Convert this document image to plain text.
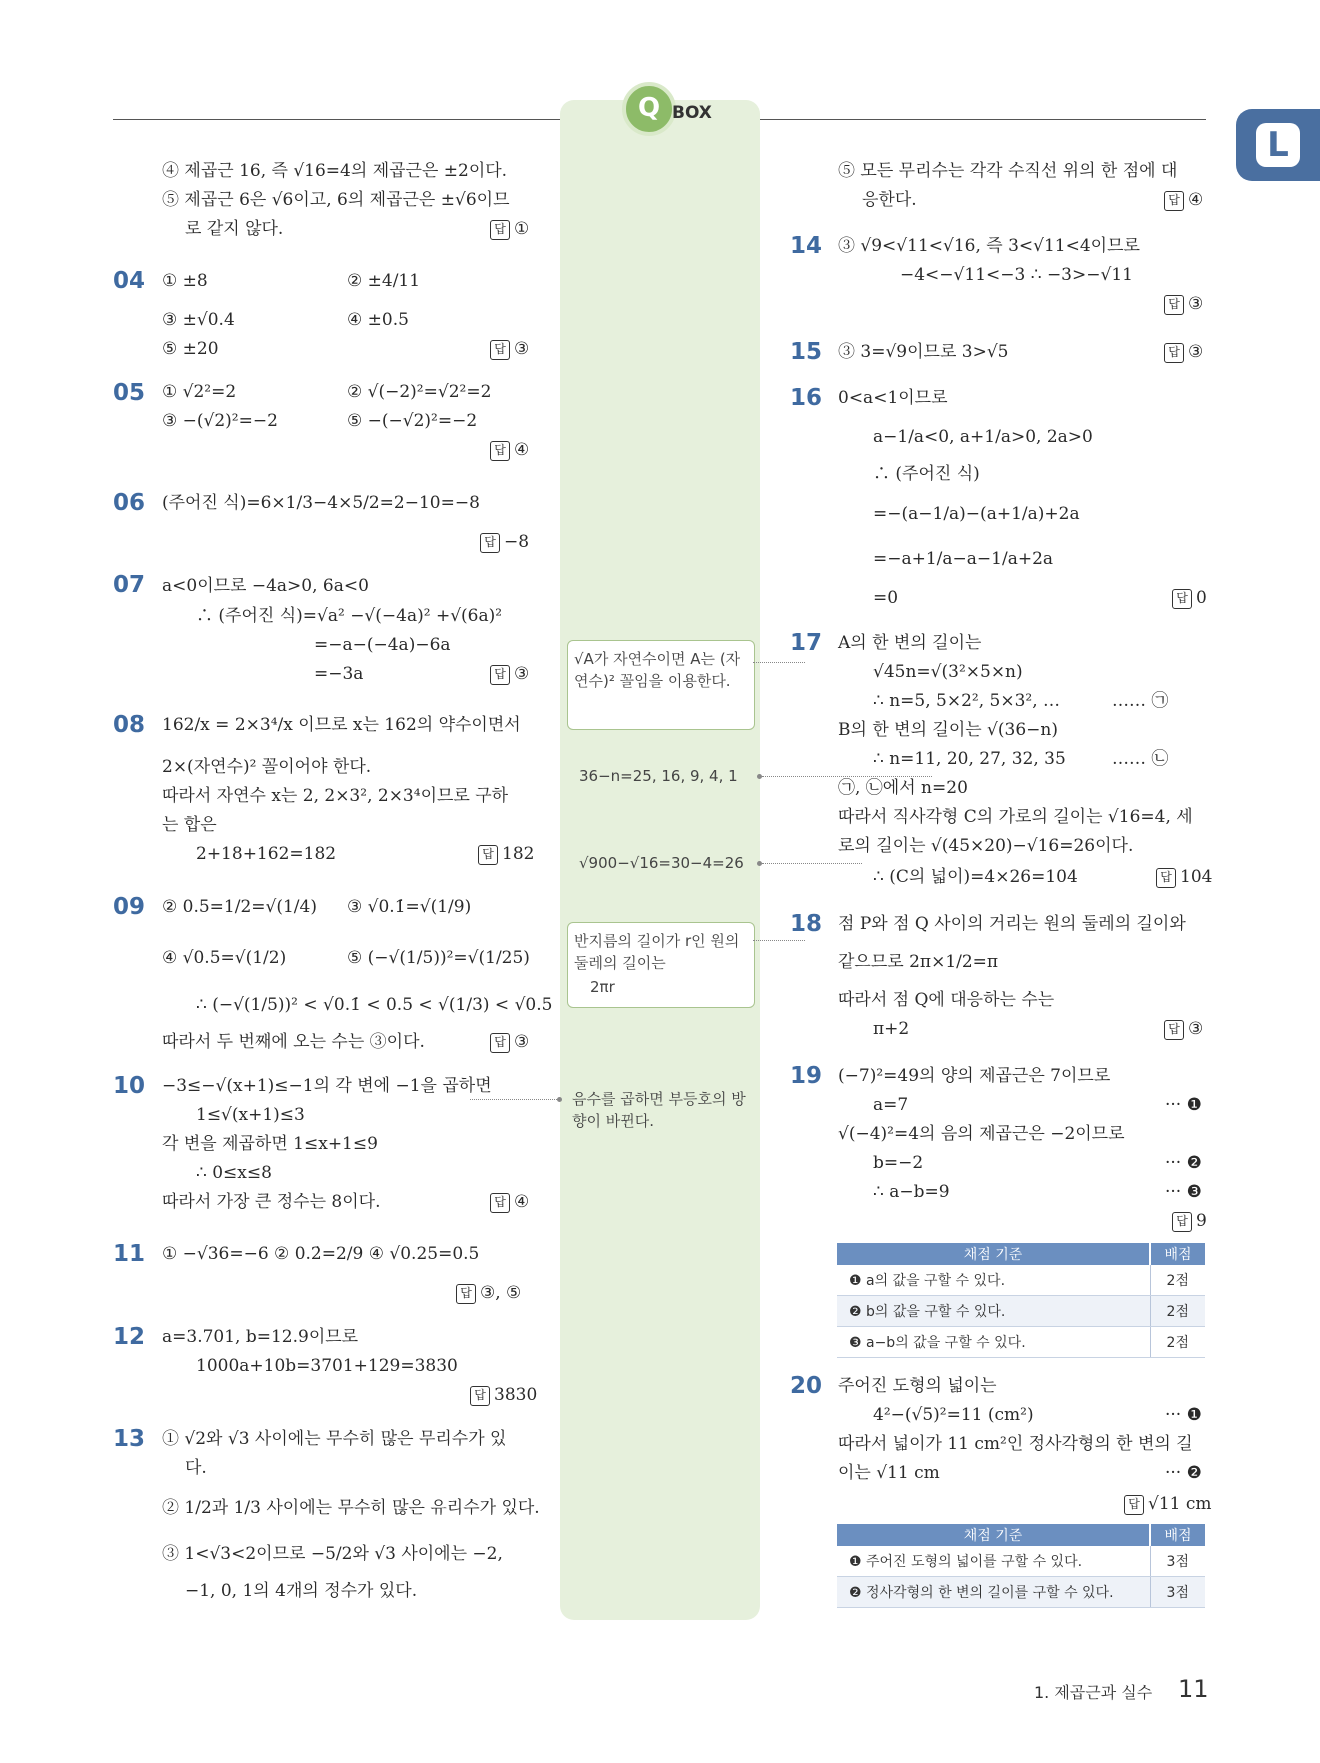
Q BOX
L
④ 제곱근 16, 즉 √16=4의 제곱근은 ±2이다.
⑤ 제곱근 6은 √6이고, 6의 제곱근은 ±√6이므
로 같지 않다.	답 ①
04 ① ±8	② ±4/11
③ ±√0.4	④ ±0.5
⑤ ±20	답 ③
05 ① √2²=2	② √(−2)²=√2²=2
③ −(√2)²=−2	⑤ −(−√2)²=−2
답 ④
06 (주어진 식)=6×1/3−4×5/2=2−10=−8
답 −8
07 a<0이므로 −4a>0, 6a<0
∴ (주어진 식)=√a² −√(−4a)² +√(6a)²
=−a−(−4a)−6a
=−3a	답 ③
08 162/x = 2×3⁴/x 이므로 x는 162의 약수이면서
2×(자연수)² 꼴이어야 한다.
따라서 자연수 x는 2, 2×3², 2×3⁴이므로 구하
는 합은
2+18+162=182	답 182
09 ② 0.5=1/2=√(1/4) ③ √0.1̇=√(1/9)
④ √0.5=√(1/2)	⑤ (−√(1/5))²=√(1/25)
∴ (−√(1/5))² < √0.1̇ < 0.5 < √(1/3) < √0.5
따라서 두 번째에 오는 수는 ③이다.	답 ③
10 −3≤−√(x+1)≤−1의 각 변에 −1을 곱하면
1≤√(x+1)≤3
각 변을 제곱하면 1≤x+1≤9
∴ 0≤x≤8
따라서 가장 큰 정수는 8이다.	답 ④
11 ① −√36=−6 ② 0.2̇=2/9 ④ √0.25=0.5
답 ③, ⑤
12 a=3.701, b=12.9이므로
1000a+10b=3701+129=3830
답 3830
13 ① √2와 √3 사이에는 무수히 많은 무리수가 있
다.
② 1/2과 1/3 사이에는 무수히 많은 유리수가 있다.
③ 1<√3<2이므로 −5/2와 √3 사이에는 −2,
−1, 0, 1의 4개의 정수가 있다.
√A가 자연수이면 A는 (자연수)² 꼴임을 이용한다.
36−n=25, 16, 9, 4, 1
√900−√16=30−4=26
반지름의 길이가 r인 원의 둘레의 길이는
2πr
음수를 곱하면 부등호의 방향이 바뀐다.
⑤ 모든 무리수는 각각 수직선 위의 한 점에 대
응한다.	답 ④
14 ③ √9<√11<√16, 즉 3<√11<4이므로
−4<−√11<−3 ∴ −3>−√11
답 ③
15 ③ 3=√9이므로 3>√5	답 ③
16 0<a<1이므로
a−1/a<0, a+1/a>0, 2a>0
∴ (주어진 식)
=−(a−1/a)−(a+1/a)+2a
=−a+1/a−a−1/a+2a
=0	답 0
17 A의 한 변의 길이는
√45n=√(3²×5×n)
∴ n=5, 5×2², 5×3², …	…… ㉠
B의 한 변의 길이는 √(36−n)
∴ n=11, 20, 27, 32, 35	…… ㉡
㉠, ㉡에서 n=20
따라서 직사각형 C의 가로의 길이는 √16=4, 세
로의 길이는 √(45×20)−√16=26이다.
∴ (C의 넓이)=4×26=104	답 104
18 점 P와 점 Q 사이의 거리는 원의 둘레의 길이와
같으므로 2π×1/2=π
따라서 점 Q에 대응하는 수는
π+2	답 ③
19 (−7)²=49의 양의 제곱근은 7이므로
a=7	··· ❶
√(−4)²=4의 음의 제곱근은 −2이므로
b=−2	··· ❷
∴ a−b=9	··· ❸
답 9
채점 기준	배점
❶ a의 값을 구할 수 있다.	2점
❷ b의 값을 구할 수 있다.	2점
❸ a−b의 값을 구할 수 있다.	2점
20 주어진 도형의 넓이는
4²−(√5)²=11 (cm²)	··· ❶
따라서 넓이가 11 cm²인 정사각형의 한 변의 길
이는 √11 cm	··· ❷
답 √11 cm
채점 기준	배점
❶ 주어진 도형의 넓이를 구할 수 있다.	3점
❷ 정사각형의 한 변의 길이를 구할 수 있다.	3점
1. 제곱근과 실수 11
